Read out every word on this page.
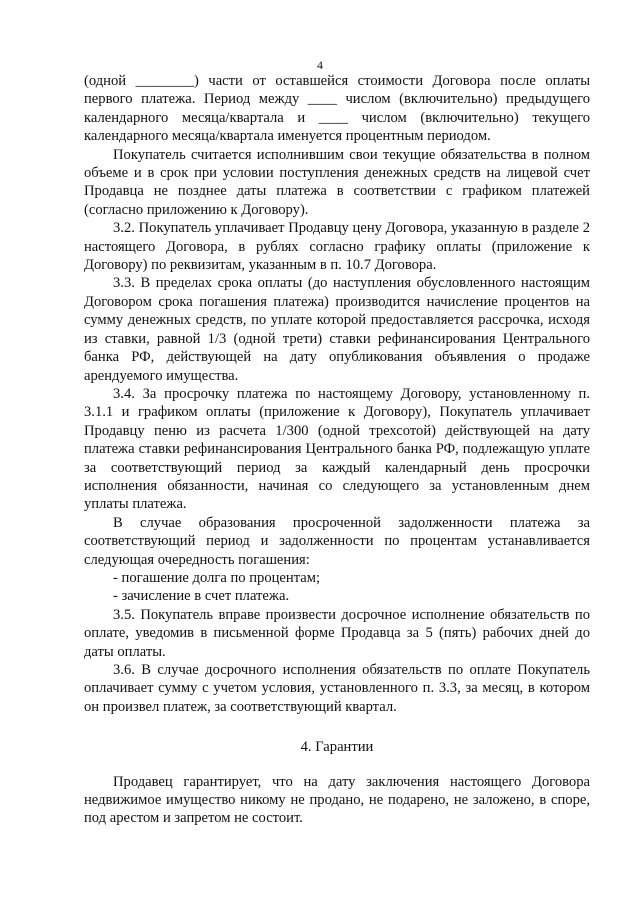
4

(одной ________) части от оставшейся стоимости Договора после оплаты первого платежа. Период между ____ числом (включительно) предыдущего календарного месяца/квартала и ____ числом (включительно) текущего календарного месяца/квартала именуется процентным периодом.

Покупатель считается исполнившим свои текущие обязательства в полном объеме и в срок при условии поступления денежных средств на лицевой счет Продавца не позднее даты платежа в соответствии с графиком платежей (согласно приложению к Договору).

3.2. Покупатель уплачивает Продавцу цену Договора, указанную в разделе 2 настоящего Договора, в рублях согласно графику оплаты (приложение к Договору) по реквизитам, указанным в п. 10.7 Договора.

3.3. В пределах срока оплаты (до наступления обусловленного настоящим Договором срока погашения платежа) производится начисление процентов на сумму денежных средств, по уплате которой предоставляется рассрочка, исходя из ставки, равной 1/3 (одной трети) ставки рефинансирования Центрального банка РФ, действующей на дату опубликования объявления о продаже арендуемого имущества.

3.4. За просрочку платежа по настоящему Договору, установленному п. 3.1.1 и графиком оплаты (приложение к Договору), Покупатель уплачивает Продавцу пеню из расчета 1/300 (одной трехсотой) действующей на дату платежа ставки рефинансирования Центрального банка РФ, подлежащую уплате за соответствующий период за каждый календарный день просрочки исполнения обязанности, начиная со следующего за установленным днем уплаты платежа.

В случае образования просроченной задолженности платежа за соответствующий период и задолженности по процентам устанавливается следующая очередность погашения:

- погашение долга по процентам;

- зачисление в счет платежа.

3.5. Покупатель вправе произвести досрочное исполнение обязательств по оплате, уведомив в письменной форме Продавца за 5 (пять) рабочих дней до даты оплаты.

3.6. В случае досрочного исполнения обязательств по оплате Покупатель оплачивает сумму с учетом условия, установленного п. 3.3, за месяц, в котором он произвел платеж, за соответствующий квартал.

4. Гарантии

Продавец гарантирует, что на дату заключения настоящего Договора недвижимое имущество никому не продано, не подарено, не заложено, в споре, под арестом и запретом не состоит.
